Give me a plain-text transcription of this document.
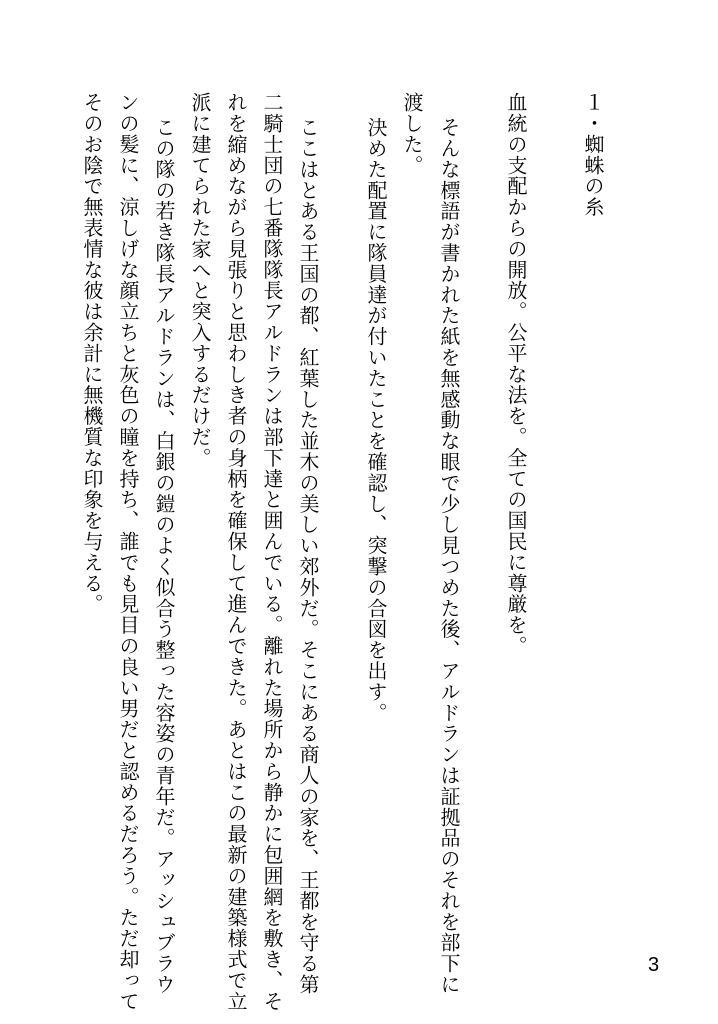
１・蜘蛛の糸
血統の支配からの開放。公平な法を。全ての国民に尊厳を。
そんな標語が書かれた紙を無感動な眼で少し見つめた後、アルドランは証拠品のそれを部下に
渡した。
決めた配置に隊員達が付いたことを確認し、突撃の合図を出す。
ここはとある王国の都、紅葉した並木の美しい郊外だ。そこにある商人の家を、王都を守る第
二騎士団の七番隊隊長アルドランは部下達と囲んでいる。離れた場所から静かに包囲網を敷き、そ
れを縮めながら見張りと思わしき者の身柄を確保して進んできた。あとはこの最新の建築様式で立
派に建てられた家へと突入するだけだ。
この隊の若き隊長アルドランは、白銀の鎧のよく似合う整った容姿の青年だ。アッシュブラウ
ンの髪に、涼しげな顔立ちと灰色の瞳を持ち、誰でも見目の良い男だと認めるだろう。ただ却って
そのお陰で無表情な彼は余計に無機質な印象を与える。
3
